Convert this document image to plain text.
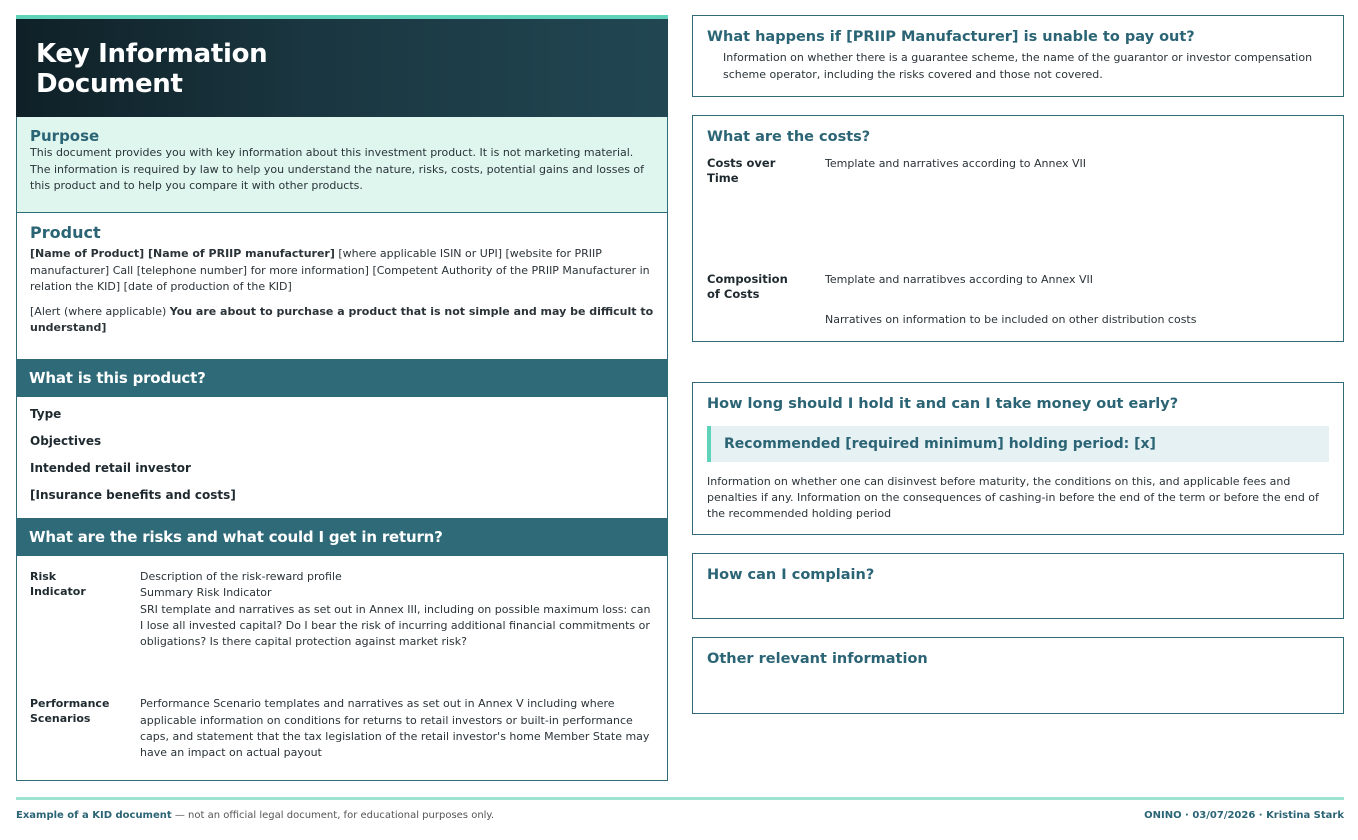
Key Information
Document
Purpose

This document provides you with key information about this investment product. It is not marketing material. The information is required by law to help you understand the nature, risks, costs, potential gains and losses of this product and to help you compare it with other products.

Product

[Name of Product] [Name of PRIIP manufacturer] [where applicable ISIN or UPI] [website for PRIIP manufacturer] Call [telephone number] for more information] [Competent Authority of the PRIIP Manufacturer in relation the KID] [date of production of the KID]

[Alert (where applicable) You are about to purchase a product that is not simple and may be difficult to understand]

What is this product?
Type
Objectives
Intended retail investor
[Insurance benefits and costs]
What are the risks and what could I get in return?
Risk
Indicator
Description of the risk-reward profile
Summary Risk Indicator
SRI template and narratives as set out in Annex III, including on possible maximum loss: can I lose all invested capital? Do I bear the risk of incurring additional financial commitments or obligations? Is there capital protection against market risk?
Performance
Scenarios
Performance Scenario templates and narratives as set out in Annex V including where applicable information on conditions for returns to retail investors or built-in performance caps, and statement that the tax legislation of the retail investor's home Member State may have an impact on actual payout
What happens if [PRIIP Manufacturer] is unable to pay out?

Information on whether there is a guarantee scheme, the name of the guarantor or investor compensation scheme operator, including the risks covered and those not covered.

What are the costs?
Costs over
Time
Template and narratives according to Annex VII
Composition
of Costs
Template and narratibves according to Annex VII
Narratives on information to be included on other distribution costs
How long should I hold it and can I take money out early?
Recommended [required minimum] holding period: [x]

Information on whether one can disinvest before maturity, the conditions on this, and applicable fees and penalties if any. Information on the consequences of cashing-in before the end of the term or before the end of the recommended holding period

How can I complain?
Other relevant information
Example of a KID document — not an official legal document, for educational purposes only.	ONINO · 03/07/2026 · Kristina Stark
